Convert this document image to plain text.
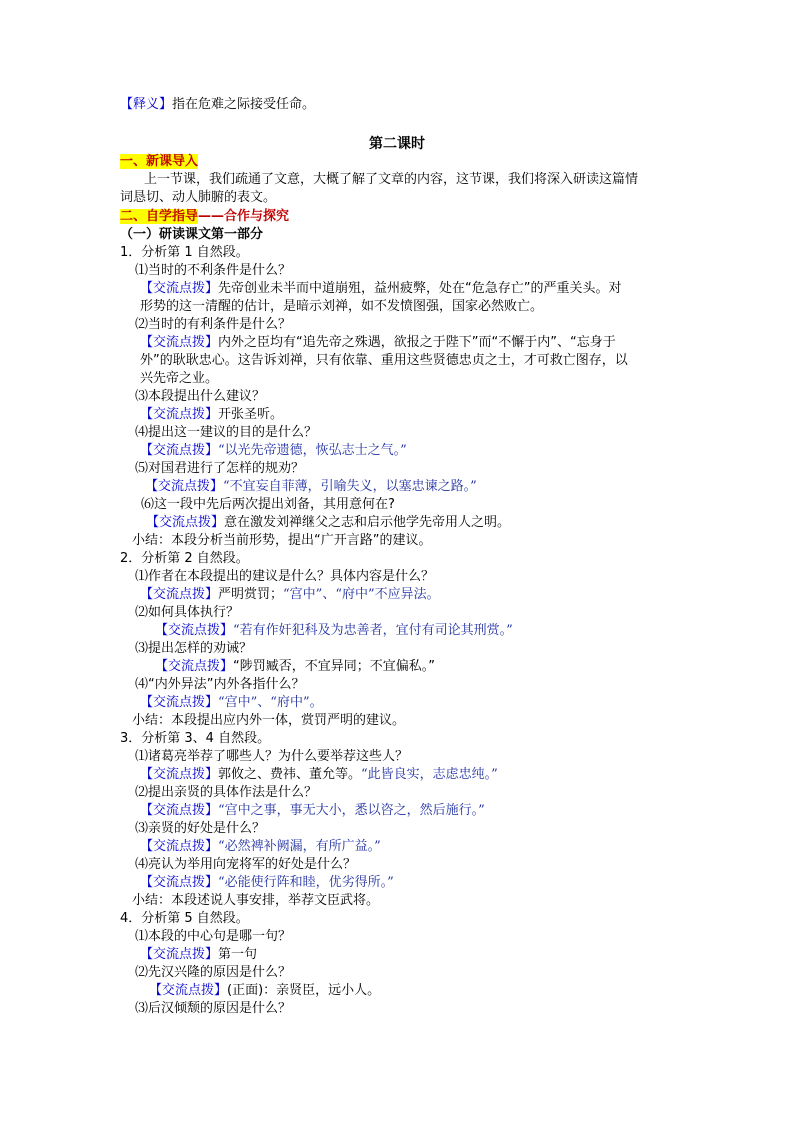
【释义】指在危难之际接受任命。
第二课时
一、新课导入
上一节课，我们疏通了文意，大概了解了文章的内容，这节课，我们将深入研读这篇情
词恳切、动人肺腑的表文。
二、自学指导——合作与探究
（一）研读课文第一部分
1．分析第 1 自然段。
⑴当时的不利条件是什么？
【交流点拨】先帝创业未半而中道崩殂，益州疲弊，处在“危急存亡”的严重关头。对
形势的这一清醒的估计，是暗示刘禅，如不发愤图强，国家必然败亡。
⑵当时的有利条件是什么？
【交流点拨】内外之臣均有“追先帝之殊遇，欲报之于陛下”而“不懈于内”、“忘身于
外”的耿耿忠心。这告诉刘禅，只有依靠、重用这些贤德忠贞之士，才可救亡图存，以
兴先帝之业。
⑶本段提出什么建议？
【交流点拨】开张圣听。
⑷提出这一建议的目的是什么？
【交流点拨】“以光先帝遗德，恢弘志士之气。”
⑸对国君进行了怎样的规劝？
【交流点拨】“不宜妄自菲薄，引喻失义，以塞忠谏之路。”
⑹这一段中先后两次提出刘备，其用意何在?
【交流点拨】意在激发刘禅继父之志和启示他学先帝用人之明。
小结：本段分析当前形势，提出“广开言路”的建议。
2．分析第 2 自然段。
⑴作者在本段提出的建议是什么？具体内容是什么？
【交流点拨】严明赏罚；“宫中”、“府中”不应异法。
⑵如何具体执行？
【交流点拨】“若有作奸犯科及为忠善者，宜付有司论其刑赏。”
⑶提出怎样的劝诫？
【交流点拨】“陟罚臧否，不宜异同；不宜偏私。”
⑷“内外异法”内外各指什么？
【交流点拨】“宫中”、“府中”。
小结：本段提出应内外一体，赏罚严明的建议。
3．分析第 3、4 自然段。
⑴诸葛亮举荐了哪些人？为什么要举荐这些人？
【交流点拨】郭攸之、费祎、董允等。“此皆良实，志虑忠纯。”
⑵提出亲贤的具体作法是什么？
【交流点拨】“宫中之事，事无大小，悉以咨之，然后施行。”
⑶亲贤的好处是什么？
【交流点拨】“必然裨补阙漏，有所广益。”
⑷亮认为举用向宠将军的好处是什么？
【交流点拨】“必能使行阵和睦，优劣得所。”
小结：本段述说人事安排，举荐文臣武将。
4．分析第 5 自然段。
⑴本段的中心句是哪一句？
【交流点拨】第一句
⑵先汉兴隆的原因是什么？
【交流点拨】(正面)：亲贤臣，远小人。
⑶后汉倾颓的原因是什么？
